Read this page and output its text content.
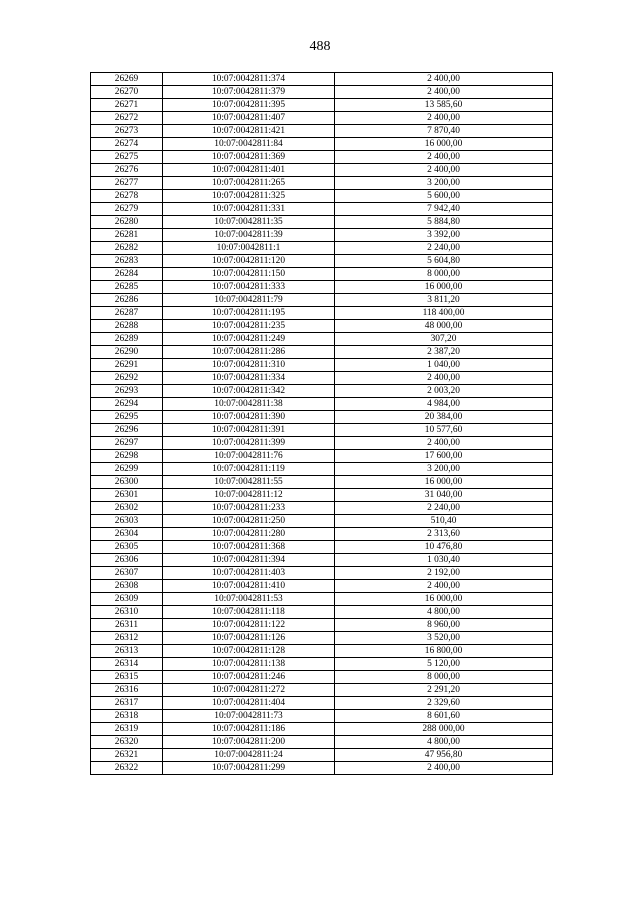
488
26269	10:07:0042811:374	2 400,00
26270	10:07:0042811:379	2 400,00
26271	10:07:0042811:395	13 585,60
26272	10:07:0042811:407	2 400,00
26273	10:07:0042811:421	7 870,40
26274	10:07:0042811:84	16 000,00
26275	10:07:0042811:369	2 400,00
26276	10:07:0042811:401	2 400,00
26277	10:07:0042811:265	3 200,00
26278	10:07:0042811:325	5 600,00
26279	10:07:0042811:331	7 942,40
26280	10:07:0042811:35	5 884,80
26281	10:07:0042811:39	3 392,00
26282	10:07:0042811:1	2 240,00
26283	10:07:0042811:120	5 604,80
26284	10:07:0042811:150	8 000,00
26285	10:07:0042811:333	16 000,00
26286	10:07:0042811:79	3 811,20
26287	10:07:0042811:195	118 400,00
26288	10:07:0042811:235	48 000,00
26289	10:07:0042811:249	307,20
26290	10:07:0042811:286	2 387,20
26291	10:07:0042811:310	1 040,00
26292	10:07:0042811:334	2 400,00
26293	10:07:0042811:342	2 003,20
26294	10:07:0042811:38	4 984,00
26295	10:07:0042811:390	20 384,00
26296	10:07:0042811:391	10 577,60
26297	10:07:0042811:399	2 400,00
26298	10:07:0042811:76	17 600,00
26299	10:07:0042811:119	3 200,00
26300	10:07:0042811:55	16 000,00
26301	10:07:0042811:12	31 040,00
26302	10:07:0042811:233	2 240,00
26303	10:07:0042811:250	510,40
26304	10:07:0042811:280	2 313,60
26305	10:07:0042811:368	10 476,80
26306	10:07:0042811:394	1 030,40
26307	10:07:0042811:403	2 192,00
26308	10:07:0042811:410	2 400,00
26309	10:07:0042811:53	16 000,00
26310	10:07:0042811:118	4 800,00
26311	10:07:0042811:122	8 960,00
26312	10:07:0042811:126	3 520,00
26313	10:07:0042811:128	16 800,00
26314	10:07:0042811:138	5 120,00
26315	10:07:0042811:246	8 000,00
26316	10:07:0042811:272	2 291,20
26317	10:07:0042811:404	2 329,60
26318	10:07:0042811:73	8 601,60
26319	10:07:0042811:186	288 000,00
26320	10:07:0042811:200	4 800,00
26321	10:07:0042811:24	47 956,80
26322	10:07:0042811:299	2 400,00
